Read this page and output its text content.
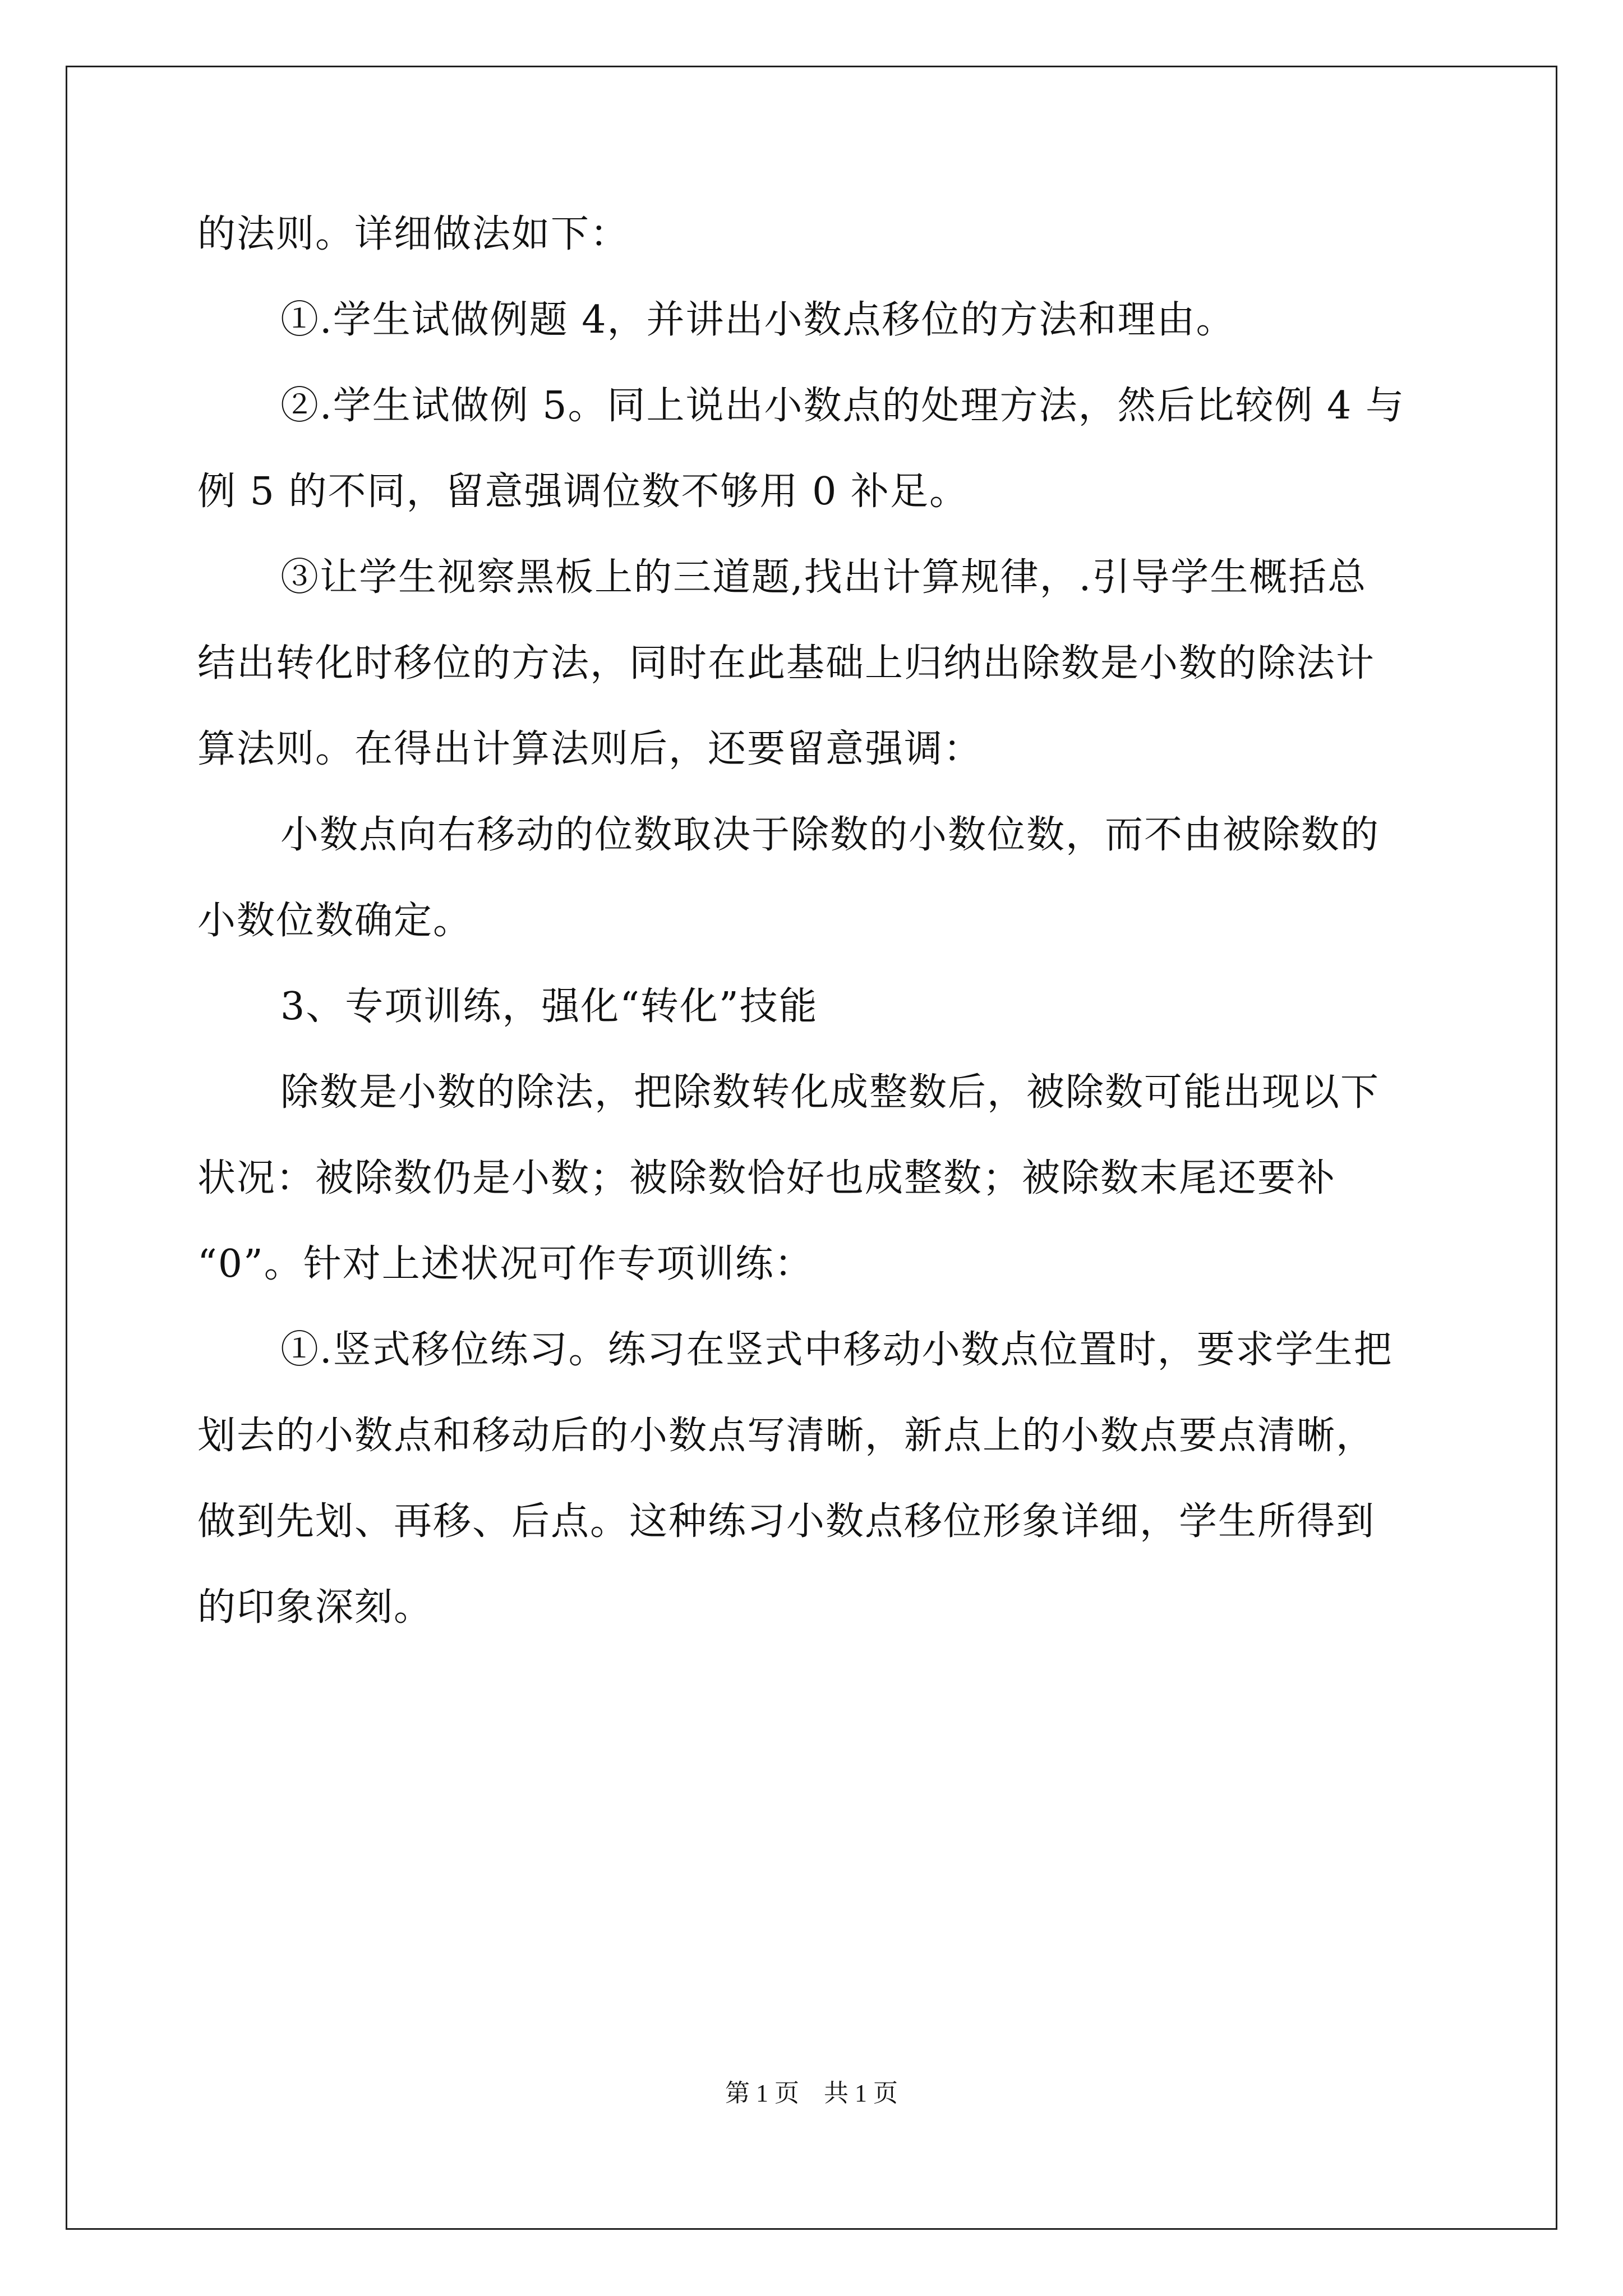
的法则。详细做法如下：
①.学生试做例题 4，并讲出小数点移位的方法和理由。
②.学生试做例 5。同上说出小数点的处理方法，然后比较例 4 与
例 5 的不同，留意强调位数不够用 0 补足。
③让学生视察黑板上的三道题,找出计算规律，.引导学生概括总
结出转化时移位的方法，同时在此基础上归纳出除数是小数的除法计
算法则。在得出计算法则后，还要留意强调：
小数点向右移动的位数取决于除数的小数位数，而不由被除数的
小数位数确定。
3、专项训练，强化“转化”技能
除数是小数的除法，把除数转化成整数后，被除数可能出现以下
状况：被除数仍是小数；被除数恰好也成整数；被除数末尾还要补
“0”。针对上述状况可作专项训练：
①.竖式移位练习。练习在竖式中移动小数点位置时，要求学生把
划去的小数点和移动后的小数点写清晰，新点上的小数点要点清晰，
做到先划、再移、后点。这种练习小数点移位形象详细，学生所得到
的印象深刻。
第 1 页　共 1 页
